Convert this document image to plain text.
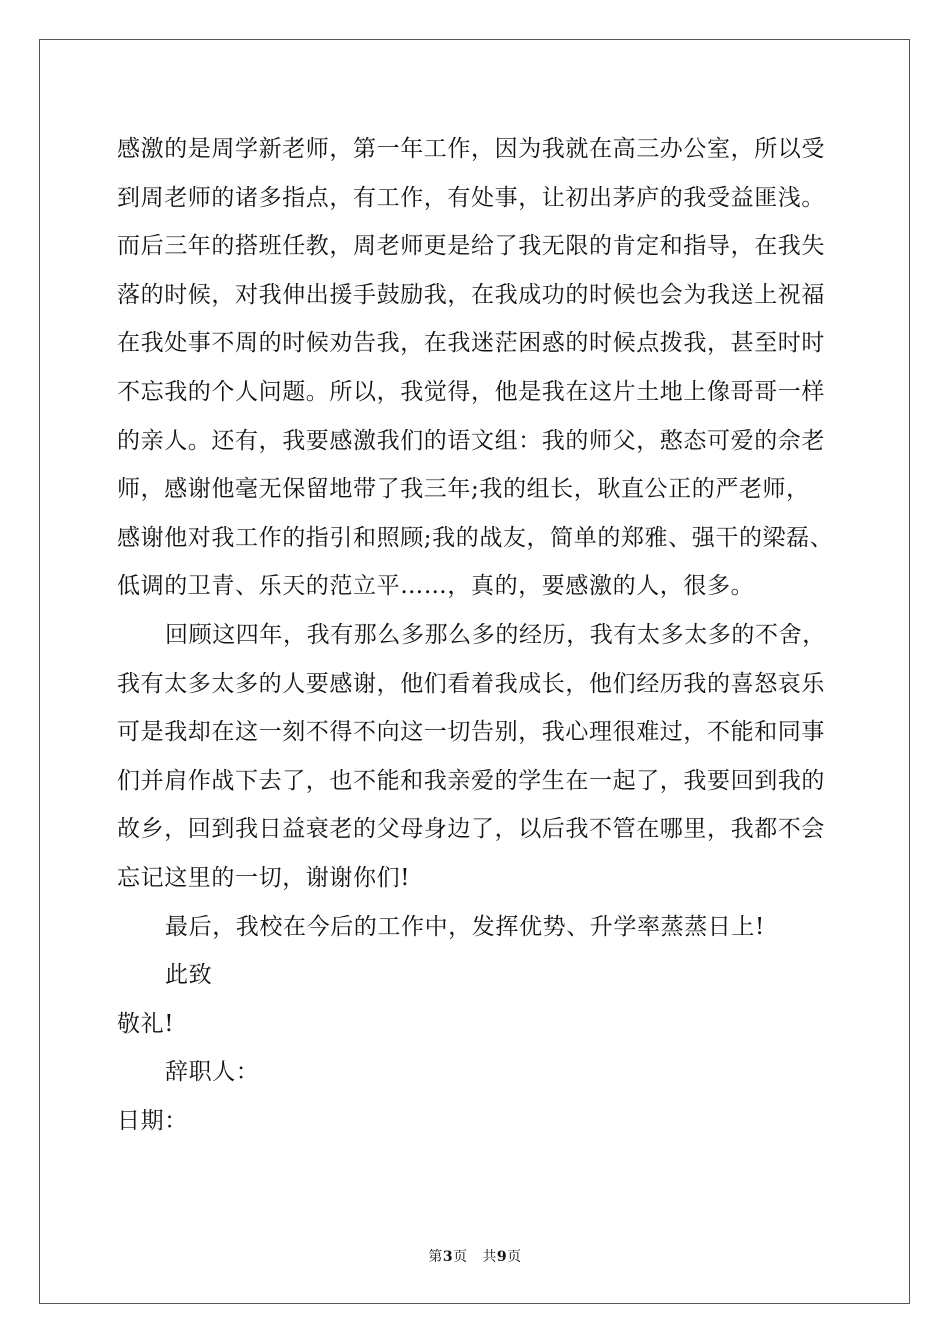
感激的是周学新老师，第一年工作，因为我就在高三办公室，所以受
到周老师的诸多指点，有工作，有处事，让初出茅庐的我受益匪浅。
而后三年的搭班任教，周老师更是给了我无限的肯定和指导，在我失
落的时候，对我伸出援手鼓励我，在我成功的时候也会为我送上祝福
在我处事不周的时候劝告我，在我迷茫困惑的时候点拨我，甚至时时
不忘我的个人问题。所以，我觉得，他是我在这片土地上像哥哥一样
的亲人。还有，我要感激我们的语文组：我的师父，憨态可爱的佘老
师，感谢他毫无保留地带了我三年;我的组长，耿直公正的严老师，
感谢他对我工作的指引和照顾;我的战友，简单的郑雅、强干的梁磊、
低调的卫青、乐天的范立平……，真的，要感激的人，很多。
回顾这四年，我有那么多那么多的经历，我有太多太多的不舍，
我有太多太多的人要感谢，他们看着我成长，他们经历我的喜怒哀乐
可是我却在这一刻不得不向这一切告别，我心理很难过，不能和同事
们并肩作战下去了，也不能和我亲爱的学生在一起了，我要回到我的
故乡，回到我日益衰老的父母身边了，以后我不管在哪里，我都不会
忘记这里的一切，谢谢你们!
最后，我校在今后的工作中，发挥优势、升学率蒸蒸日上!
此致
敬礼!
辞职人：
日期：
第3页 共9页
